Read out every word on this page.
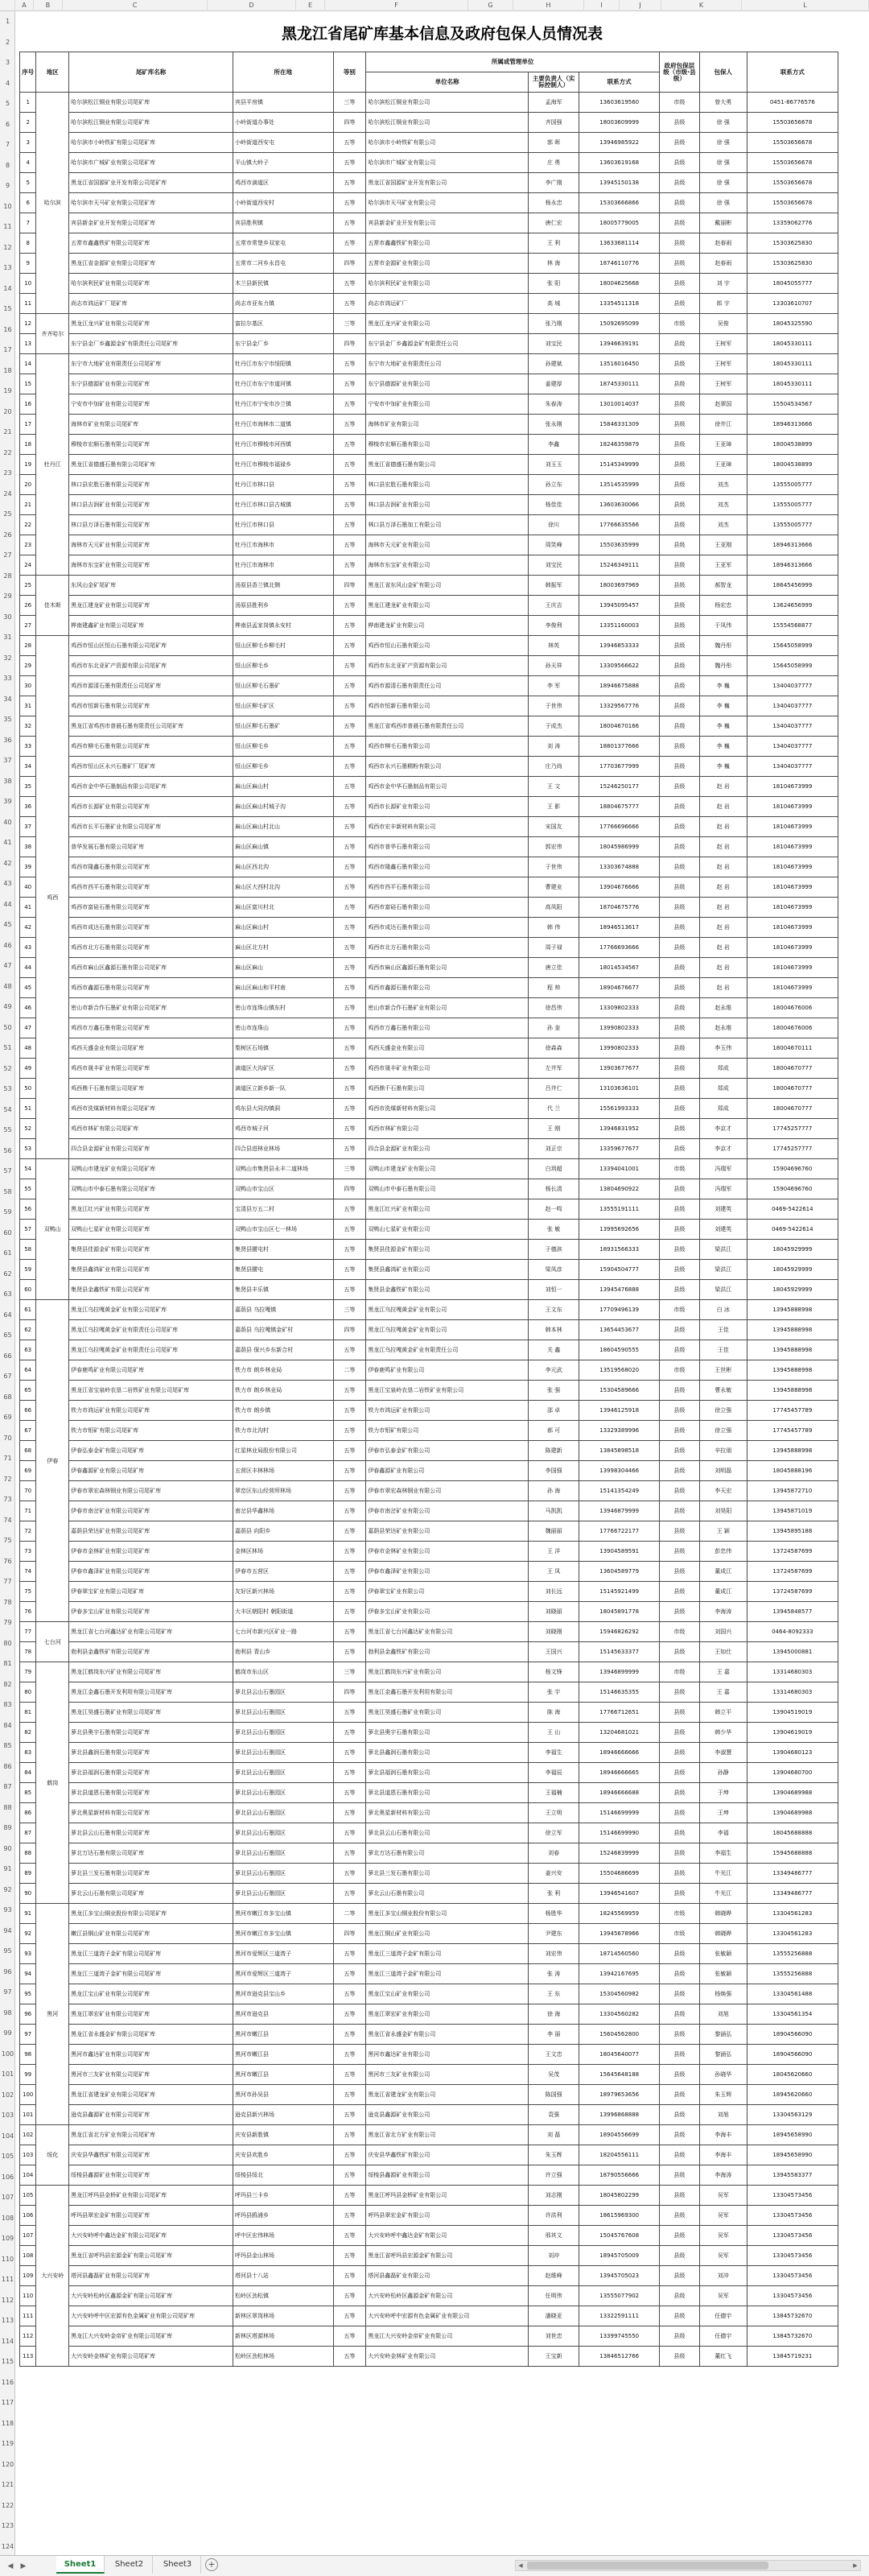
A	B	C	D	E	F	G	H	I	J	K	L
1
2
3
4
5
6
7
8
9
10
11
12
13
14
15
16
17
18
19
20
21
22
23
24
25
26
27
28
29
30
31
32
33
34
35
36
37
38
39
40
41
42
43
44
45
46
47
48
49
50
51
52
53
54
55
56
57
58
59
60
61
62
63
64
65
66
67
68
69
70
71
72
73
74
75
76
77
78
79
80
81
82
83
84
85
86
87
88
89
90
91
92
93
94
95
96
97
98
99
100
101
102
103
104
105
106
107
108
109
110
111
112
113
114
115
116
117
118
119
120
121
122
123
124
黑龙江省尾矿库基本信息及政府包保人员情况表
序号	地区	尾矿库名称	所在地	等别	所属或管理单位			政府包保层级（市级·县级）	包保人	联系方式
					单位名称	主要负责人（实际控制人）	联系方式			
1	哈尔滨	哈尔滨松江铜业有限公司尾矿库	宾县平房镇	三等	哈尔滨松江铜业有限公司	孟海军	13603619560	市级	曾大勇	0451-86776576
2		哈尔滨松江铜业有限公司尾矿库	小岭街道办事处	四等	哈尔滨松江铜业有限公司	齐国强	18003609999	县级	徐 强	15503656678
3		哈尔滨市小岭铁矿有限公司尾矿库	小岭街道西安屯	五等	哈尔滨市小岭铁矿有限公司	郭 晖	13946985922	县级	徐 强	15503656678
4		哈尔滨市广城矿业有限公司尾矿库	平山镇大岭子	五等	哈尔滨市广城矿业有限公司	庄 勇	13603619168	县级	徐 强	15503656678
5		黑龙江省国源矿业开发有限公司尾矿库	鸡西市滴道区	五等	黑龙江省国源矿业开发有限公司	李广刚	13945150138	县级	徐 强	15503656678
6		哈尔滨市天马矿业有限公司尾矿库	小岭街道西安村	五等	哈尔滨市天马矿业有限公司	杨永忠	15303666866	县级	徐 强	15503656678
7		宾县新金矿业开发有限公司尾矿库	宾县胜利镇	五等	宾县新金矿业开发有限公司	唐仁宏	18005779005	县级	戴丽彬	13359062776
8		五常市鑫鑫铁矿有限公司尾矿库	五常市常堡乡双家屯	五等	五常市鑫鑫铁矿有限公司	王 利	13633681114	县级	赵春雨	15303625830
9		黑龙江省金源矿业有限公司尾矿库	五常市二河乡永昌屯	四等	五常市金源矿业有限公司	林 海	18746110776	县级	赵春雨	15303625830
10		哈尔滨利民矿业有限公司尾矿库	木兰县新民镇	五等	哈尔滨利民矿业有限公司	张 阳	18004625668	县级	刘 宇	18045055777
11		尚志市鸿运矿厂尾矿库	尚志市亚布力镇	五等	尚志市鸿运矿厂	高 城	13354511318	县级	郎 宇	13303610707
12	齐齐哈尔	黑龙江龙兴矿业有限公司尾矿库	富拉尔基区	三等	黑龙江龙兴矿业有限公司	张乃刚	15092695099	市级	吴俊	18045325590
13		东宁县金厂乡鑫源金矿有限责任公司尾矿库	东宁县金厂乡	四等	东宁县金厂乡鑫源金矿有限责任公司	刘宝民	13946639191	县级	王树军	18045330111
14	牡丹江	东宁市大地矿业有限责任公司尾矿库	牡丹江市东宁市绥阳镇	五等	东宁市大地矿业有限责任公司	孙建斌	13516016450	县级	王树军	18045330111
15		东宁县德源矿业有限公司尾矿库	牡丹江市东宁市道河镇	五等	东宁县德源矿业有限公司	姜建厚	18745330111	县级	王树军	18045330111
16		宁安市中加矿业有限公司尾矿库	牡丹江市宁安市沙兰镇	五等	宁安市中加矿业有限公司	朱春涛	13010014037	县级	赵翠国	15504534567
17		海林市矿业有限公司尾矿库	牡丹江市海林市二道镇	五等	海林市矿业有限公司	张永刚	15846331309	县级	徐井江	18946313666
18		穆棱市宏顺石墨有限公司尾矿库	牡丹江市穆棱市河西镇	五等	穆棱市宏顺石墨有限公司	李鑫	18246359879	县级	王亚璋	18004538899
19		黑龙江省德盛石墨有限公司尾矿库	牡丹江市穆棱市福禄乡	五等	黑龙江省德盛石墨有限公司	刘玉玉	15145349999	县级	王亚璋	18004538899
20		林口县宏胜石墨有限公司尾矿库	牡丹江市林口县	五等	林口县宏胜石墨有限公司	孙立东	13514535999	县级	刘杰	13555005777
21		林口县吉润矿业有限公司尾矿库	牡丹江市林口县古城镇	五等	林口县吉润矿业有限公司	杨佳佳	13603630066	县级	刘杰	13555005777
22		林口县万泽石墨有限公司尾矿库	牡丹江市林口县	五等	林口县万泽石墨加工有限公司	徐川	17766635566	县级	刘杰	13555005777
23		海林市天元矿业有限公司尾矿库	牡丹江市海林市	五等	海林市天元矿业有限公司	周笑峰	15503635999	县级	王亚刚	18946313666
24		海林市东宝矿业有限公司尾矿库	牡丹江市海林市	五等	海林市东宝矿业有限公司	刘宝民	15246349111	县级	王亚军	18946313666
25	佳木斯	东风山金矿尾矿库	汤原县香兰镇北侧	四等	黑龙江省东风山金矿有限公司	韩振军	18003697969	县级	郝智龙	18645456999
26		黑龙江建龙矿业有限公司尾矿库	汤原县胜利乡	五等	黑龙江建龙矿业有限公司	王庆吉	13945095457	县级	杨宏忠	13624656999
27		桦南建鑫矿业有限公司尾矿库	桦南县孟家岗镇永安村	五等	桦南建龙矿业有限公司	李俊利	13351160003	县级	于凤伟	15554568877
28	鸡西	鸡西市恒山区恒山石墨有限公司尾矿库	恒山区柳毛乡柳毛村	五等	鸡西市恒山石墨有限公司	林英	13946853333	县级	魏丹彤	15645058999
29		鸡西市东北亚矿产资源有限公司尾矿库	恒山区柳毛乡	五等	鸡西市东北亚矿产资源有限公司	孙天祥	13309566622	县级	魏丹彤	15645058999
30		鸡西市源清石墨有限责任公司尾矿库	恒山区柳毛石墨矿	五等	鸡西市源清石墨有限责任公司	李 军	18946675888	县级	李 巍	13404037777
31		鸡西市恒新石墨有限公司尾矿库	恒山区柳毛矿区	五等	鸡西市恒新石墨有限公司	于世伟	13329567776	县级	李 巍	13404037777
32		黑龙江省鸡西市普晨石墨有限责任公司尾矿库	恒山区柳毛石墨矿	五等	黑龙江省鸡西市普晨石墨有限责任公司	于成杰	18004670166	县级	李 巍	13404037777
33		鸡西市柳毛石墨有限公司尾矿库	恒山区柳毛乡	五等	鸡西市柳毛石墨有限公司	刘 涛	18801377666	县级	李 巍	13404037777
34		鸡西市恒山区永兴石墨矿厂尾矿库	恒山区柳毛乡	五等	鸡西市永兴石墨精粉有限公司	庄乃尚	17703677999	县级	李 巍	13404037777
35		鸡西市金中华石墨制品有限公司尾矿库	麻山区麻山村	五等	鸡西市金中华石墨制品有限公司	王 文	15246250177	县级	赵 岩	18104673999
36		鸡西市长源矿业有限公司尾矿库	麻山区麻山村城子沟	五等	鸡西市长源矿业有限公司	王 影	18804675777	县级	赵 岩	18104673999
37		鸡西市长平石墨矿业有限公司尾矿库	麻山区麻山村北山	五等	鸡西市宏丰新材料有限公司	宋国友	17766696666	县级	赵 岩	18104673999
38		普华发展石墨有限公司尾矿库	麻山区麻山镇	五等	鸡西市普华石墨有限公司	郭宏伟	18045986999	县级	赵 岩	18104673999
39		鸡西市隆鑫石墨有限公司尾矿库	麻山区西北沟	五等	鸡西市隆鑫石墨有限公司	于世伟	13303674888	县级	赵 岩	18104673999
40		鸡西市西平石墨有限公司尾矿库	麻山区大西村北沟	五等	鸡西市西平石墨有限公司	曹建业	13904676666	县级	赵 岩	18104673999
41		鸡西市富硅石墨有限公司尾矿库	麻山区富川村北	五等	鸡西市富硅石墨有限公司	高凤阳	18704675776	县级	赵 岩	18104673999
42		鸡西市成达石墨有限公司尾矿库	麻山区麻山村	五等	鸡西市成达石墨有限公司	韩 伟	18946513617	县级	赵 岩	18104673999
43		鸡西市北方石墨有限公司尾矿库	麻山区北方村	五等	鸡西市北方石墨有限公司	周子禄	17766693666	县级	赵 岩	18104673999
44		鸡西市麻山区鑫源石墨有限公司尾矿库	麻山区麻山	五等	鸡西市麻山区鑫源石墨有限公司	唐立佳	18014534567	县级	赵 岩	18104673999
45		鸡西市鑫源石墨有限公司尾矿库	麻山区麻山和平村南	五等	鸡西市鑫源石墨有限公司	程 帅	18904676677	县级	赵 岩	18104673999
46		密山市新合作石墨矿业有限公司尾矿库	密山市连珠山镇东村	五等	密山市新合作石墨矿业有限公司	徐昌伟	13309802333	县级	赵永维	18004676006
47		鸡西市万鑫石墨有限公司尾矿库	密山市连珠山	五等	鸡西市万鑫石墨有限公司	孙 奎	13990802333	县级	赵永维	18004676006
48		鸡西天盛金业有限公司尾矿库	梨树区石场镇	五等	鸡西天盛金业有限公司	徐森森	13990802333	县级	李玉伟	18004670111
49		鸡西市晟丰矿业有限公司尾矿库	滴道区大沟矿区	五等	鸡西市晟丰矿业有限公司	左井军	13903677677	县级	郑成	18004670777
50		鸡西鼎千石墨有限公司尾矿库	滴道区立新乡新一队	五等	鸡西鼎千石墨有限公司	吕井仁	13103636101	县级	郑成	18004670777
51		鸡西市洗煤新材料有限公司尾矿库	鸡东县大同沟镇洞	五等	鸡西市洗煤新材料有限公司	代 兰	15561993333	县级	郑成	18004670777
52		鸡西市林矿有限公司尾矿库	鸡西市城子河	五等	鸡西市林矿有限公司	王 刚	13946831952	县级	李京才	17745257777
53		四合县金源矿业有限公司尾矿库	四合县进林业林场	五等	四合县金源矿业有限公司	刘正宗	13359677677	县级	李京才	17745257777
54	双鸭山	双鸭山市建龙矿业有限公司尾矿库	双鸭山市集贤县永丰二道林场	三等	双鸭山市建龙矿业有限公司	白玥超	13394041001	市级	冯瑞军	15904696760
55		双鸭山市中泰石墨有限公司尾矿库	双鸭山市宝山区	四等	双鸭山市中泰石墨有限公司	杨长清	13804690922	县级	冯瑞军	15904696760
56		黑龙江红兴矿业有限公司尾矿库	宝清县万五二村	五等	黑龙江红兴矿业有限公司	赵一鸣	13555191111	县级	刘建英	0469-5422614
57		双鸭山七星矿业有限公司尾矿库	双鸭山市宝山区七一林场	五等	双鸭山七星矿业有限公司	张 敏	13995692656	县级	刘建英	0469-5422614
58		集贤县佳源金矿有限公司尾矿库	集贤县腰屯村	五等	集贤县佳源金矿有限公司	于德滨	18931566333	县级	梁洪江	18045929999
59		集贤县鑫鸿矿业有限公司尾矿库	集贤县腰屯	五等	集贤县鑫鸿矿业有限公司	梁凤彦	15904504777	县级	梁洪江	18045929999
60		集贤县金鑫铁矿有限公司尾矿库	集贤县丰乐镇	五等	集贤县金鑫铁矿有限公司	刘恒一	13945476888	县级	梁洪江	18045929999
61	伊春	黑龙江乌拉嘎黄金矿业有限公司尾矿库	嘉荫县 乌拉嘎镇	三等	黑龙江乌拉嘎黄金矿业有限公司	王文东	17709496139	市级	白 冰	13945888998
62		黑龙江乌拉嘎黄金矿业有限责任公司尾矿库	嘉荫县 乌拉嘎镇金矿村	四等	黑龙江乌拉嘎黄金矿业有限公司	韩本林	13654453677	县级	王佳	13945888998
63		黑龙江乌拉嘎黄金矿业有限责任公司尾矿库	嘉荫县 保兴乡东新合村	五等	黑龙江乌拉嘎黄金矿业有限责任公司	关 鑫	18604590555	县级	王佳	13945888998
64		伊春鹿鸣矿业有限公司尾矿库	铁力市 朗乡林业局	二等	伊春鹿鸣矿业有限公司	李元武	13519568020	市级	王世彬	13945888998
65		黑龙江省宝泉岭农垦二岩铁矿业有限公司尾矿库	铁力市 朗乡林业局	五等	黑龙江宝泉岭农垦二岩铁矿业有限公司	张 强	15304589666	县级	曹永敏	13945888998
66		铁力市鸿运矿业有限公司尾矿库	铁力市 朗乡镇	五等	铁力市鸿运矿业有限公司	邵 卓	13946125918	县级	徐立强	17745457789
67		铁力市钼矿有限公司尾矿库	铁力市北沟村	五等	铁力市钼矿有限公司	郝 可	13329389996	县级	徐立强	17745457789
68		伊春弘泰金矿有限公司尾矿库	红星林业局股份有限公司	五等	伊春市弘泰金矿有限公司	陈建新	13845898518	县级	辛拉朋	13945888998
69		伊春鑫源矿业有限公司尾矿库	五营区丰林林场	五等	伊春鑫源矿业有限公司	李国强	13998304466	县级	刘明磊	18045888196
70		伊春市翠宏森林钢业有限公司尾矿库	翠峦区东山经营所林场	五等	伊春市翠宏森林钢业有限公司	孙 海	15141354249	县级	李天宏	13945872710
71		伊春市南岔矿业有限公司尾矿库	南岔县华鑫林场	五等	伊春市南岔矿业有限公司	马凯凯	13946879999	县级	刘昊阳	13945871019
72		嘉荫县荣达矿业有限公司尾矿库	嘉荫县 向阳乡	五等	嘉荫县荣达矿业有限公司	魏丽丽	17766722177	县级	王 颖	13945895188
73		伊春市金林矿业有限公司尾矿库	金林区林场	五等	伊春市金林矿业有限公司	王 洋	13904589591	县级	彭忠伟	13724587699
74		伊春市鑫泽矿业有限公司尾矿库	伊春市五营区	五等	伊春市鑫泽矿业有限公司	王 凤	13604589779	县级	董成江	13724587699
75		伊春翠宝矿业有限公司尾矿库	友好区新兴林场	五等	伊春翠宝矿业有限公司	刘长远	15145921499	县级	董成江	13724587699
76		伊春多宝山矿业有限公司尾矿库	大丰区朝阳村 朝阳街道	五等	伊春多宝山矿业有限公司	刘晓丽	18045891778	县级	李海涛	13945848577
77	七台河	黑龙江省七台河鑫达矿业有限公司尾矿库	七台河市新兴区矿业一路	五等	黑龙江省七台河鑫达矿业有限公司	刘晓刚	15946826292	市级	刘国兴	0464-8092333
78		勃利县金鑫铁矿有限公司尾矿库	勃利县 青山乡	五等	勃利县金鑫铁矿有限公司	王国兴	15145633377	县级	王如仕	13945000881
79	鹤岗	黑龙江鹤岗东兴矿业有限公司尾矿库	鹤岗市东山区	三等	黑龙江鹤岗东兴矿业有限公司	杨文锋	13946899999	市级	王 嘉	13314680303
80		黑龙江金鑫石墨开发利用有限公司尾矿库	萝北县云山石墨园区	四等	黑龙江金鑫石墨开发利用有限公司	张 宇	15146635355	县级	王 嘉	13314680303
81		黑龙江昊盛石墨矿业有限公司尾矿库	萝北县云山石墨园区	五等	黑龙江昊盛石墨矿业有限公司	陈 海	17766712651	县级	韩立平	13904519019
82		萝北县奥宇石墨有限公司尾矿库	萝北县云山石墨园区	五等	萝北县奥宇石墨有限公司	王 山	13204681021	县级	韩少华	13904619019
83		萝北县鑫润石墨有限公司尾矿库	萝北县云山石墨园区	五等	萝北县鑫润石墨有限公司	李福生	18946666666	县级	李淑慧	13904680123
84		萝北县福润石墨有限公司尾矿库	萝北县云山石墨园区	五等	萝北县福润石墨有限公司	李福辰	18946666665	县级	孙静	13904680700
85		萝北县道恩石墨有限公司尾矿库	萝北县云山石墨园区	五等	萝北县道恩石墨有限公司	王福楠	18946666688	县级	于坤	13904689988
86		萝北奥星新材料有限公司尾矿库	萝北县云山石墨园区	五等	萝北奥星新材料有限公司	王立明	15146699999	县级	王坤	13904689988
87		萝北县云山石墨有限公司尾矿库	萝北县云山石墨园区	五等	萝北县云山石墨有限公司	徐立军	15146699990	县级	李福	18045688888
88		萝北万达石墨有限公司尾矿库	萝北县云山石墨园区	五等	萝北万达石墨有限公司	刘春	15246839999	县级	李福生	15945688888
89		萝北县三发石墨有限公司尾矿库	萝北县云山石墨园区	五等	萝北县三发石墨有限公司	姜兴安	15504686699	县级	牛光江	13349486777
90		萝北云山石墨有限公司尾矿库	萝北县云山石墨园区	五等	萝北云山石墨有限公司	张 利	13946541607	县级	牛光江	13349486777
91	黑河	黑龙江多宝山铜业股份有限公司尾矿库	黑河市嫩江市多宝山镇	二等	黑龙江多宝山铜业股份有限公司	杨胜华	18245569959	市级	韩晓晔	13304561283
92		嫩江县铜山矿业有限公司尾矿库	黑河市嫩江市多宝山镇	四等	黑龙江铜山矿业有限公司	尹建东	13945678966	市级	韩晓晔	13304561283
93		黑龙江三道湾子金矿有限公司尾矿库	黑河市爱辉区三道湾子	五等	黑龙江三道湾子金矿有限公司	刘宏伟	18714560560	县级	张敏颖	13555256888
94		黑龙江三道湾子金矿有限公司尾矿库	黑河市爱辉区三道湾子	五等	黑龙江三道湾子金矿有限公司	张 涛	13942167695	县级	张敏颖	13555256888
95		黑龙江宝山矿业有限公司尾矿库	黑河市逊克县宝山乡	五等	黑龙江宝山矿业有限公司	王 东	15304560982	县级	杨焕强	13304561488
96		黑龙江翠宏矿业有限公司尾矿库	黑河市逊克县	五等	黑龙江翠宏矿业有限公司	徐 海	13304560282	县级	刘旭	13304561354
97		黑龙江省永盛金矿有限公司尾矿库	黑河市嫩江县	五等	黑龙江省永盛金矿有限公司	李 丽	15604562800	县级	黎涵弘	18904566090
98		黑河市鑫达矿业有限公司尾矿库	黑河市嫩江县	五等	黑河市鑫达矿业有限公司	王文忠	18045640077	县级	黎涵弘	18904566090
99		黑河市三友矿业有限公司尾矿库	黑河市嫩江县	五等	黑河市三友矿业有限公司	吴茂	15645648188	县级	孙晓华	18045620660
100		黑龙江省建龙矿业有限公司尾矿库	黑河市孙吴县	五等	黑龙江省建龙矿业有限公司	陈国强	18979653656	县级	朱玉辉	18945620660
101		逊克县鑫源矿业有限公司尾矿库	逊克县新兴林场	五等	逊克县鑫源矿业有限公司	袁强	13996868888	县级	刘旭	13304563129
102	绥化	黑龙江省北方矿业有限公司尾矿库	庆安县新胜镇	五等	黑龙江省北方矿业有限公司	刘 磊	18904556699	县级	李海丰	18945658990
103		庆安县华鑫铁矿有限公司尾矿库	庆安县欢胜乡	五等	庆安县华鑫铁矿有限公司	朱玉辉	18204556111	县级	李海丰	18945658990
104		绥棱县鑫源矿业有限公司尾矿库	绥棱县绥北	五等	绥棱县鑫源矿业有限公司	许立强	18790556666	县级	李海涛	13945583377
105	大兴安岭	黑龙江呼玛县金桥矿业有限公司尾矿库	呼玛县三卡乡	五等	黑龙江呼玛县金桥矿业有限公司	刘志刚	18045802299	县级	吴军	13304573456
106		呼玛县翠宏金矿有限公司尾矿库	呼玛县鸥浦乡	五等	呼玛县翠宏金矿有限公司	许洪利	18615969300	县级	吴军	13304573456
107		大兴安岭呼中鑫达金矿有限公司尾矿库	呼中区宏伟林场	五等	大兴安岭呼中鑫达金矿有限公司	邢其文	15045767608	县级	吴军	13304573456
108		黑龙江省呼玛县宏源金矿有限公司尾矿库	呼玛县金山林场	五等	黑龙江省呼玛县宏源金矿有限公司	刘冲	18945705009	县级	吴军	13304573456
109		塔河县鑫磊矿业有限公司尾矿库	塔河县十八站	五等	塔河县鑫磊矿业有限公司	赵维峰	13945705023	县级	刘冲	13304573456
110		大兴安岭松岭区鑫源金矿有限公司尾矿库	松岭区劲松镇	五等	大兴安岭松岭区鑫源金矿有限公司	任明伟	13555077902	县级	吴军	13304573456
111		大兴安岭呼中区宏源有色金属矿业有限公司尾矿库	新林区翠岗林场	五等	大兴安岭呼中宏源有色金属矿业有限公司	潘晓亚	13322591111	县级	任德宇	13845732670
112		黑龙江大兴安岭金帝矿业有限公司尾矿库	新林区塔源林场	五等	黑龙江大兴安岭金帝矿业有限公司	刘世忠	13399745550	县级	任德宇	13845732670
113		大兴安岭金林矿业有限公司尾矿库	松岭区劲松林场	五等	大兴安岭金林矿业有限公司	王宝新	13846512766	县级	董红飞	13845719231
◀	▶	Sheet1	Sheet2	Sheet3	+	◀	▶
